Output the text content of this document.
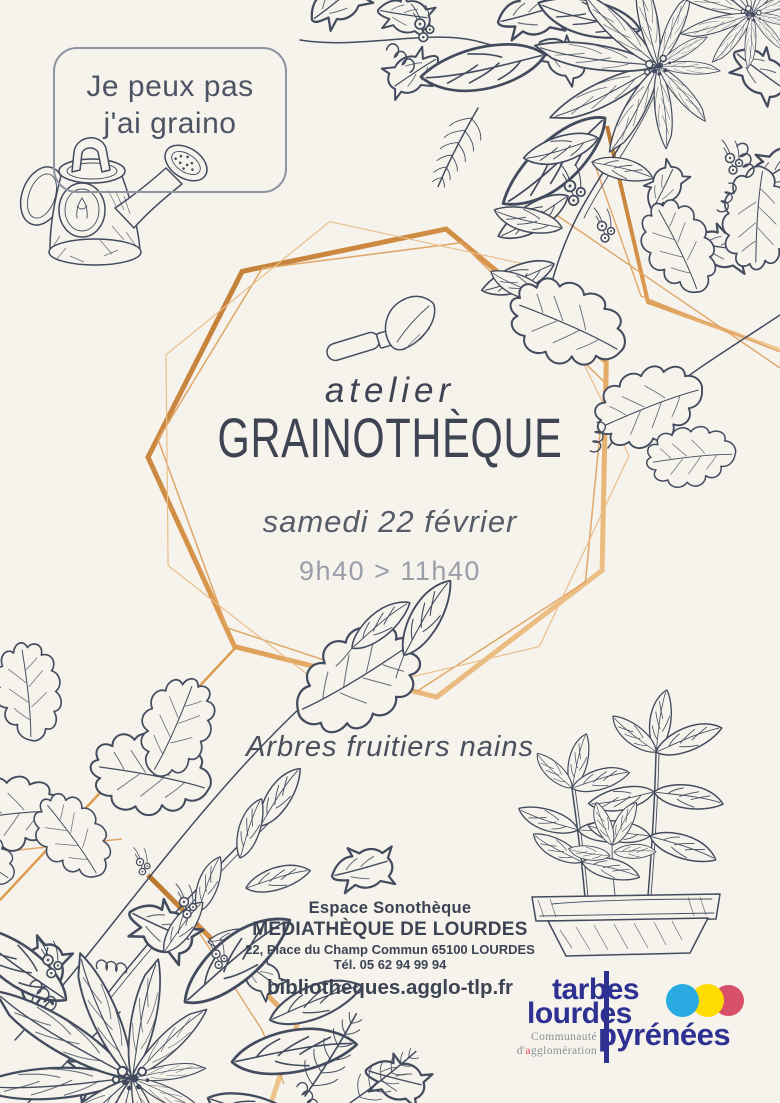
Je peux pas
j'ai graino
atelier
GRAINOTHÈQUE
samedi 22 février
9h40 > 11h40
Arbres fruitiers nains
Espace Sonothèque
MÉDIATHÈQUE DE LOURDES
22, Place du Champ Commun 65100 LOURDES
Tél. 05 62 94 99 94
bibliotheques.agglo-tlp.fr	tarbes
lourdes
pyrénées
Communauté
d'agglomération
